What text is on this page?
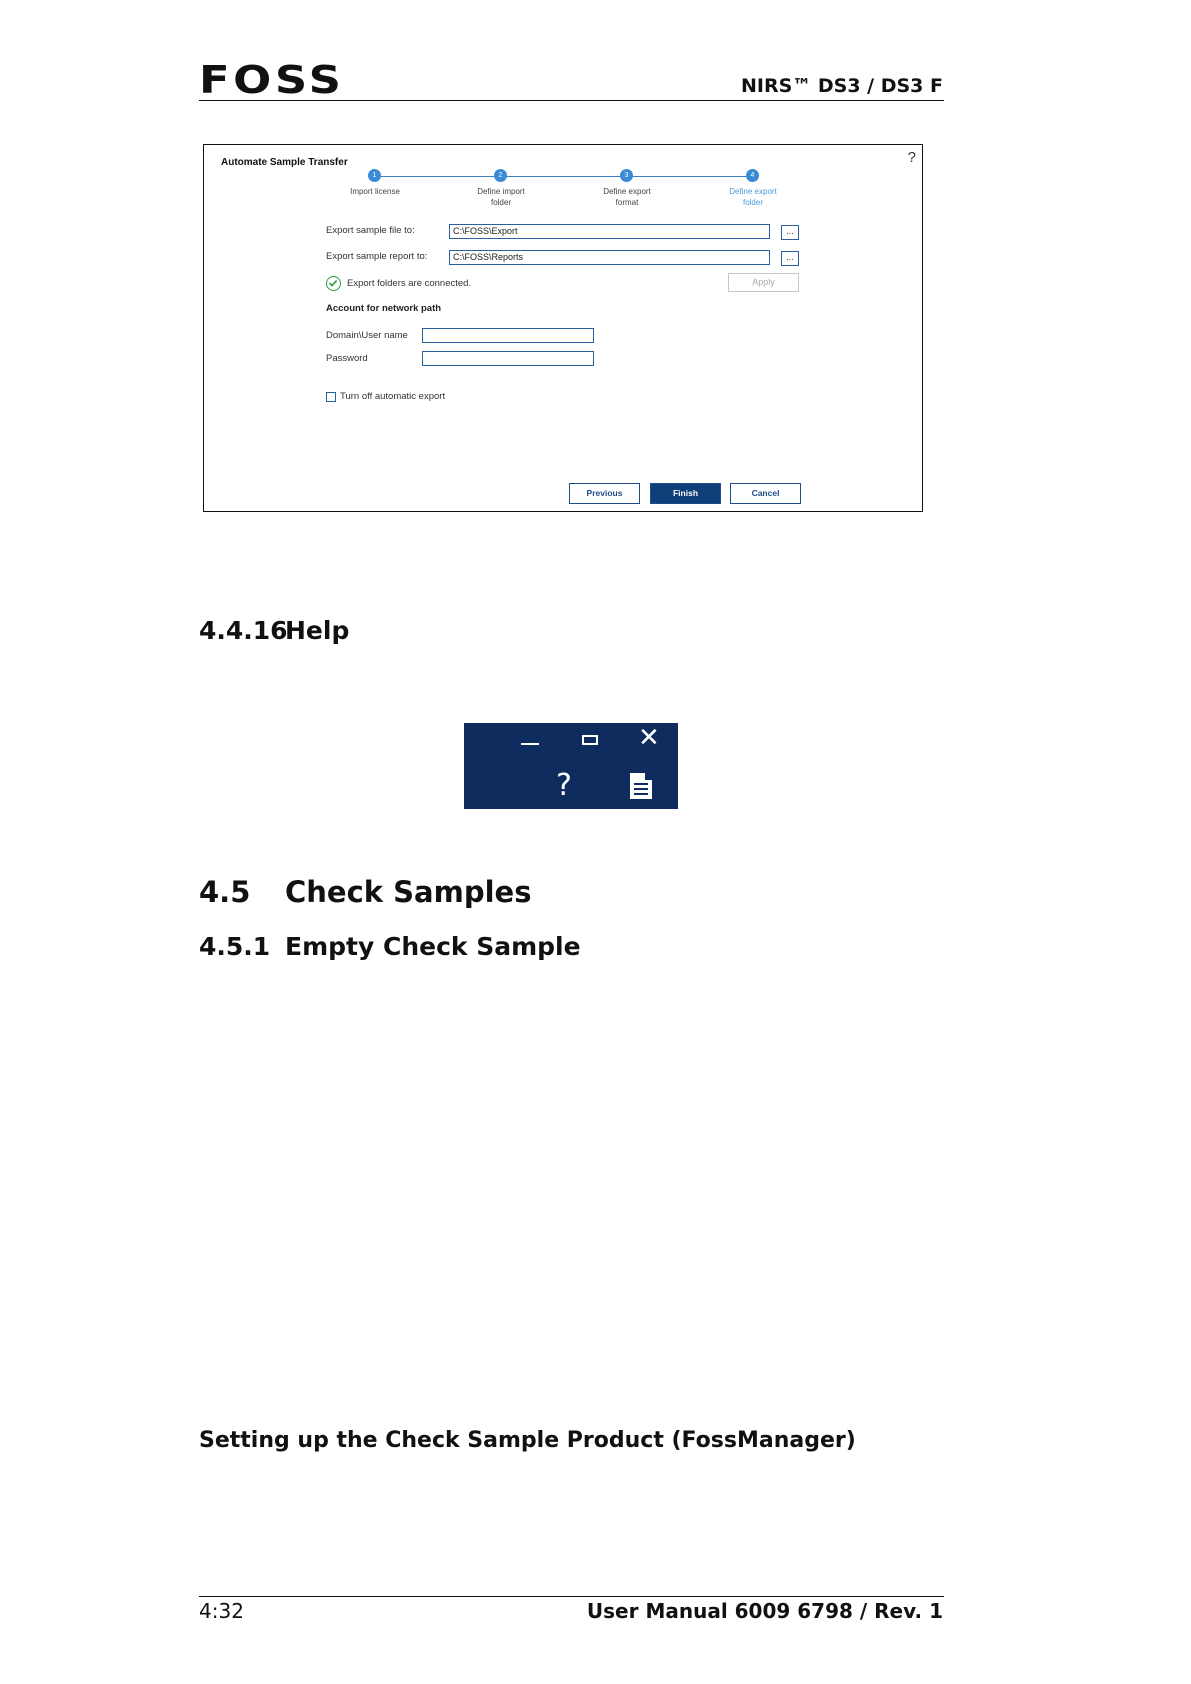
FOSS	NIRS™ DS3 / DS3 F
Automate Sample Transfer	?
1	2	3	4
Import license	Define import folder
Define export format
Define export folder
Export sample file to:	C:\FOSS\Export	...
Export sample report to:	C:\FOSS\Reports	...
Export folders are connected.	Apply
Account for network path
Domain\User name
Password
Turn off automatic export
Previous	Finish	Cancel
4.4.16Help
✕
?
4.5 Check Samples
4.5.1 Empty Check Sample
Setting up the Check Sample Product (FossManager)
4:32	User Manual 6009 6798 / Rev. 1
